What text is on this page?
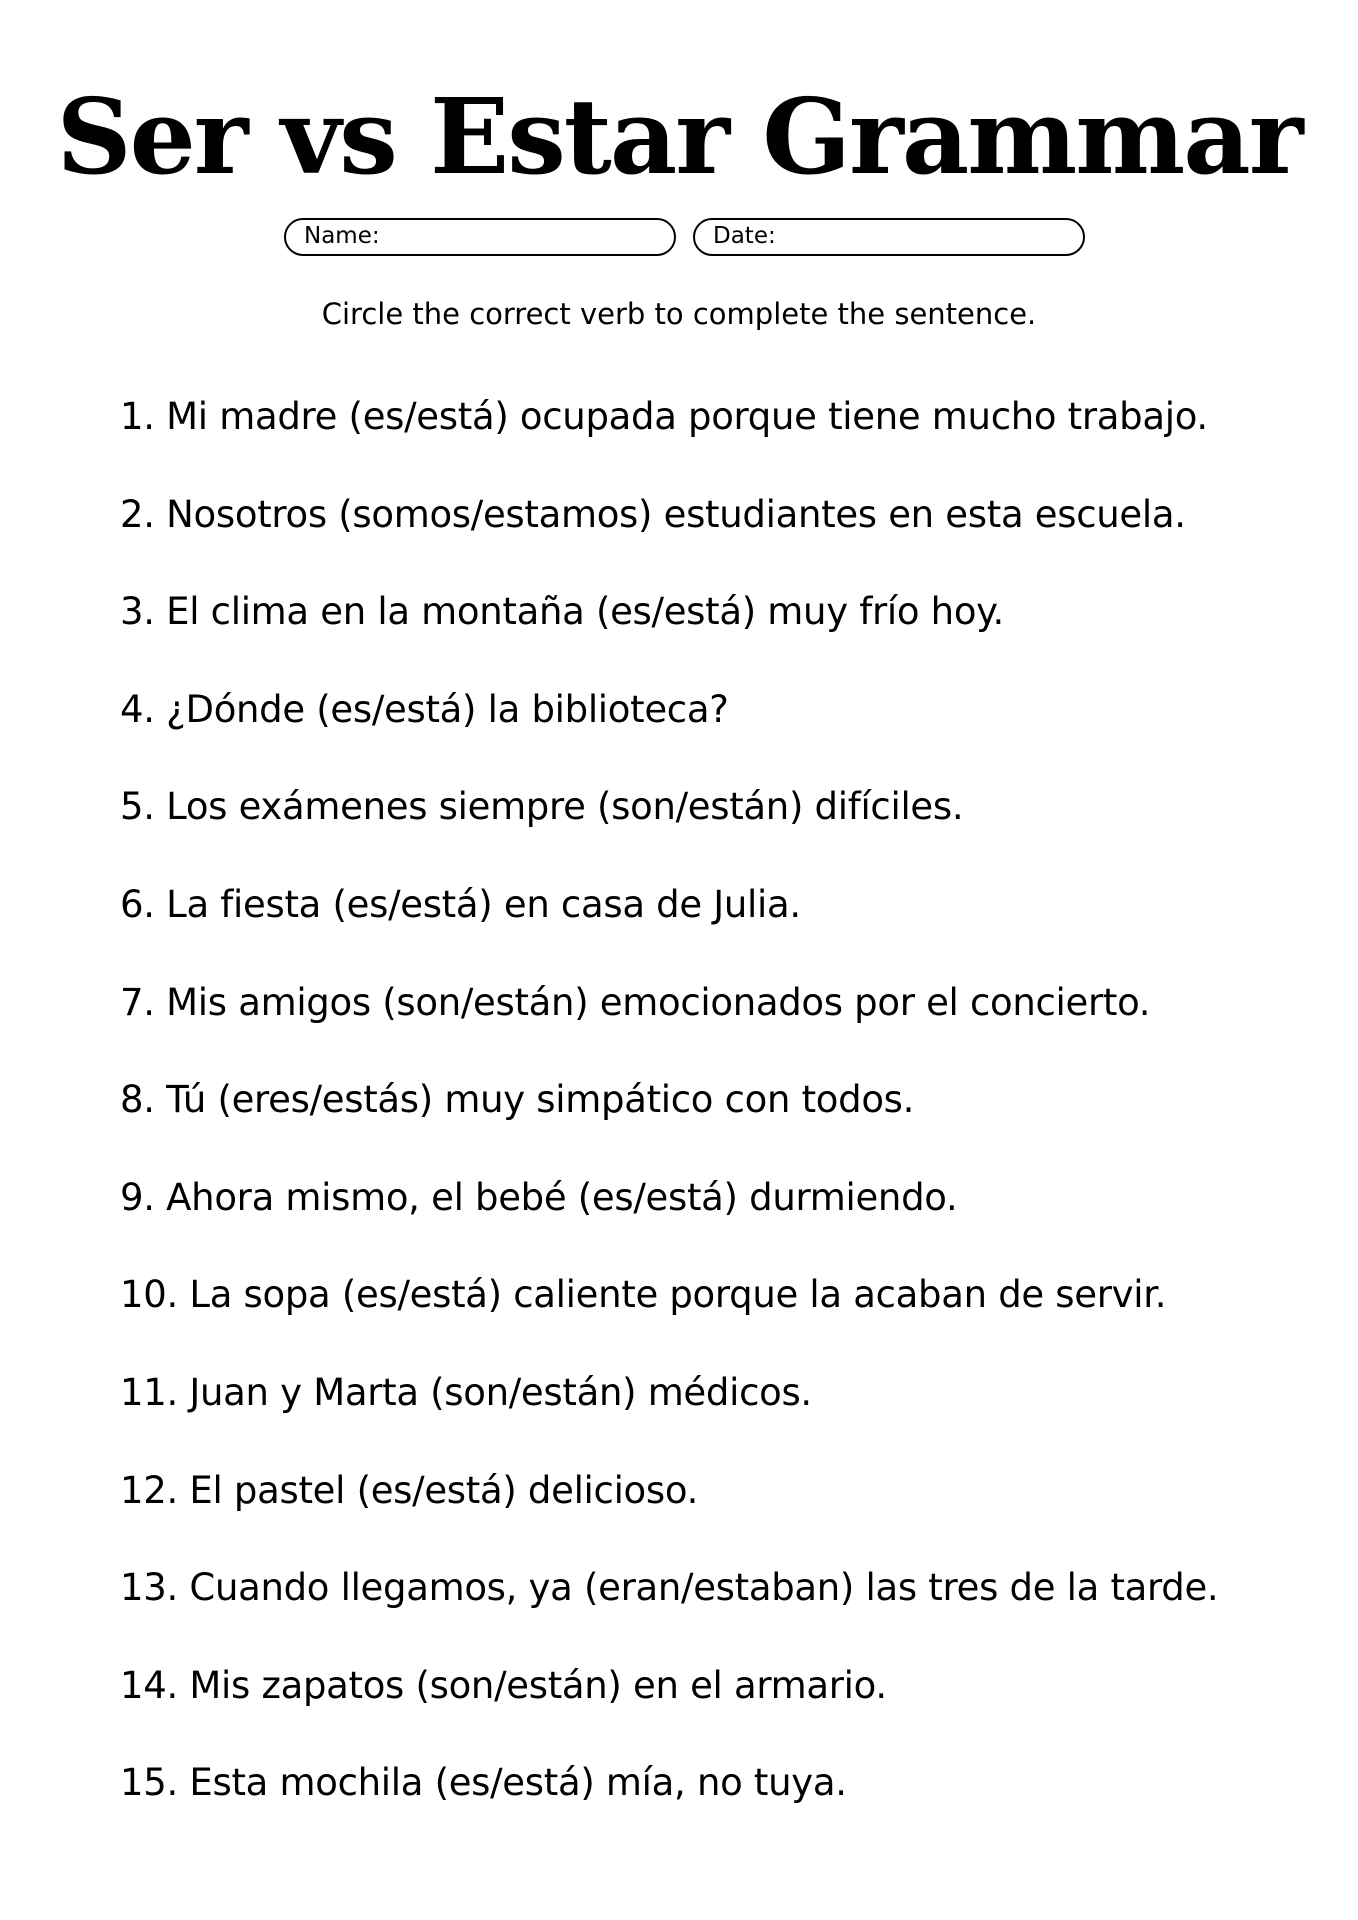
Ser vs Estar Grammar
Name:	Date:

Circle the correct verb to complete the sentence.

1. Mi madre (es/está) ocupada porque tiene mucho trabajo.
2. Nosotros (somos/estamos) estudiantes en esta escuela.
3. El clima en la montaña (es/está) muy frío hoy.
4. ¿Dónde (es/está) la biblioteca?
5. Los exámenes siempre (son/están) difíciles.
6. La fiesta (es/está) en casa de Julia.
7. Mis amigos (son/están) emocionados por el concierto.
8. Tú (eres/estás) muy simpático con todos.
9. Ahora mismo, el bebé (es/está) durmiendo.
10. La sopa (es/está) caliente porque la acaban de servir.
11. Juan y Marta (son/están) médicos.
12. El pastel (es/está) delicioso.
13. Cuando llegamos, ya (eran/estaban) las tres de la tarde.
14. Mis zapatos (son/están) en el armario.
15. Esta mochila (es/está) mía, no tuya.
